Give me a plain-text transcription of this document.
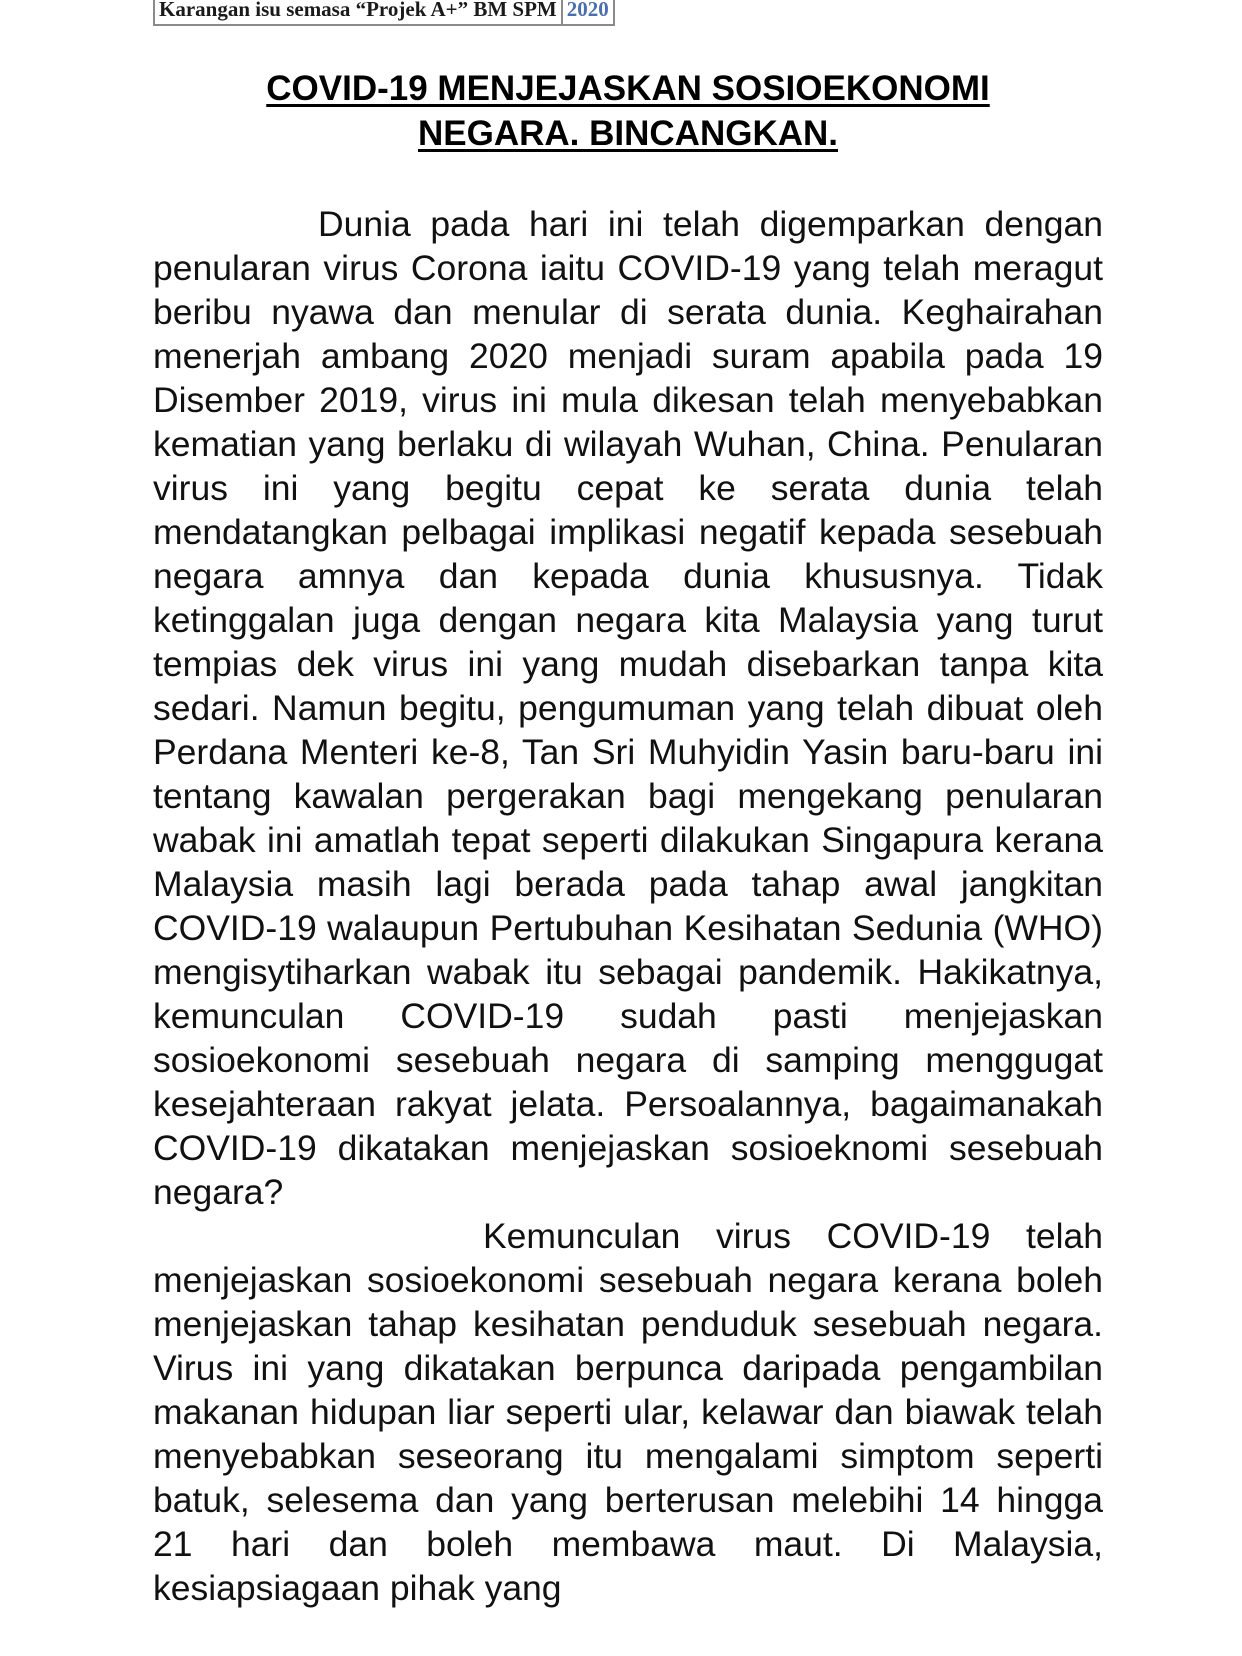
Karangan isu semasa “Projek A+” BM SPM 2020
COVID-19 MENJEJASKAN SOSIOEKONOMI
NEGARA. BINCANGKAN.

Dunia pada hari ini telah digemparkan dengan penularan virus Corona iaitu COVID-19 yang telah meragut beribu nyawa dan menular di serata dunia. Keghairahan menerjah ambang 2020 menjadi suram apabila pada 19 Disember 2019, virus ini mula dikesan telah menyebabkan kematian yang berlaku di wilayah Wuhan, China. Penularan virus ini yang begitu cepat ke serata dunia telah mendatangkan pelbagai implikasi negatif kepada sesebuah negara amnya dan kepada dunia khususnya. Tidak ketinggalan juga dengan negara kita Malaysia yang turut tempias dek virus ini yang mudah disebarkan tanpa kita sedari. Namun begitu, pengumuman yang telah dibuat oleh Perdana Menteri ke-8, Tan Sri Muhyidin Yasin baru-baru ini tentang kawalan pergerakan bagi mengekang penularan wabak ini amatlah tepat seperti dilakukan Singapura kerana Malaysia masih lagi berada pada tahap awal jangkitan COVID-19 walaupun Pertubuhan Kesihatan Sedunia (WHO) mengisytiharkan wabak itu sebagai pandemik. Hakikatnya, kemunculan COVID-19 sudah pasti menjejaskan sosioekonomi sesebuah negara di samping menggugat kesejahteraan rakyat jelata. Persoalannya, bagaimanakah COVID-19 dikatakan menjejaskan sosioeknomi sesebuah negara?

Kemunculan virus COVID-19 telah menjejaskan sosioekonomi sesebuah negara kerana boleh menjejaskan tahap kesihatan penduduk sesebuah negara. Virus ini yang dikatakan berpunca daripada pengambilan makanan hidupan liar seperti ular, kelawar dan biawak telah menyebabkan seseorang itu mengalami simptom seperti batuk, selesema dan yang berterusan melebihi 14 hingga 21 hari dan boleh membawa maut. Di Malaysia, kesiapsiagaan pihak yang
